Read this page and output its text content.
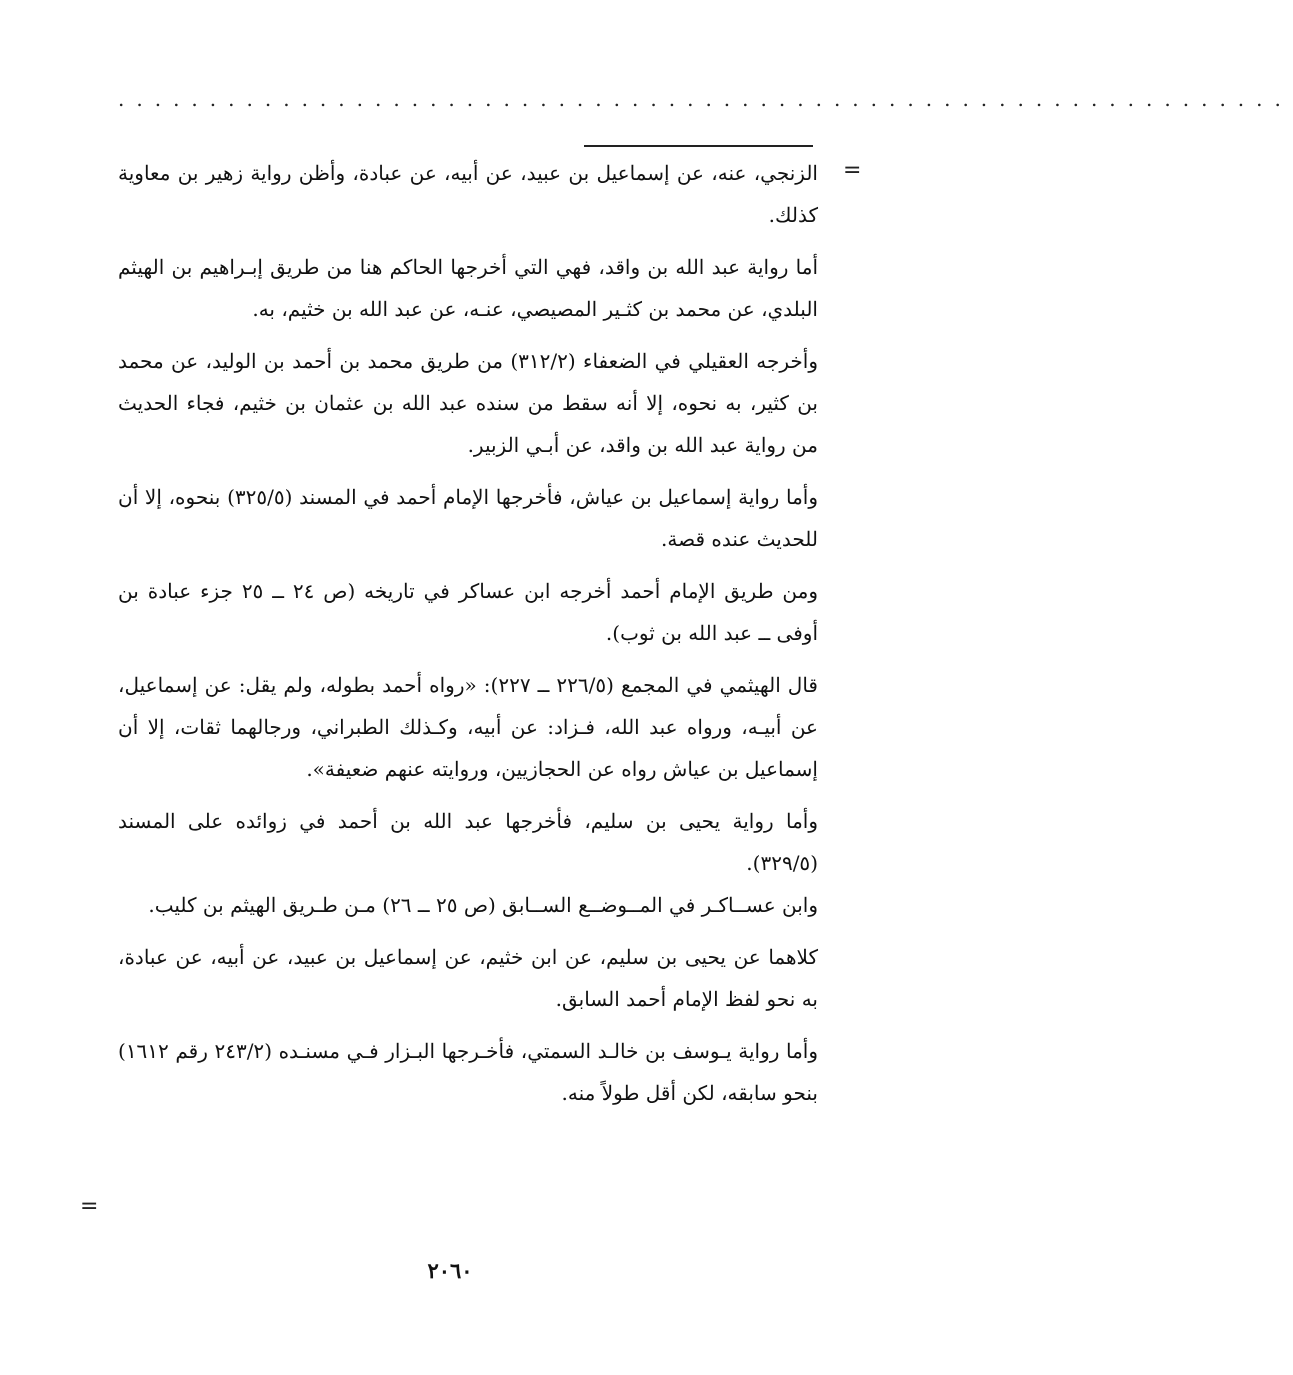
................................................................
=

الزنجي، عنه، عن إسماعيل بن عبيد، عن أبيه، عن عبادة، وأظن رواية زهير بن معاوية كذلك.

أما رواية عبد الله بن واقد، فهي التي أخرجها الحاكم هنا من طريق إبـراهيم بن الهيثم البلدي، عن محمد بن كثـير المصيصي، عنـه، عن عبد الله بن خثيم، به.

وأخرجه العقيلي في الضعفاء (٣١٢/٢) من طريق محمد بن أحمد بن الوليد، عن محمد بن كثير، به نحوه، إلا أنه سقط من سنده عبد الله بن عثمان بن خثيم، فجاء الحديث من رواية عبد الله بن واقد، عن أبـي الزبير.

وأما رواية إسماعيل بن عياش، فأخرجها الإمام أحمد في المسند (٣٢٥/٥) بنحوه، إلا أن للحديث عنده قصة.

ومن طريق الإمام أحمد أخرجه ابن عساكر في تاريخه (ص ٢٤ ــ ٢٥ جزء عبادة بن أوفى ــ عبد الله بن ثوب).

قال الهيثمي في المجمع (٢٢٦/٥ ــ ٢٢٧): «رواه أحمد بطوله، ولم يقل: عن إسماعيل، عن أبيـه، ورواه عبد الله، فـزاد: عن أبيه، وكـذلك الطبراني، ورجالهما ثقات، إلا أن إسماعيل بن عياش رواه عن الحجازيين، وروايته عنهم ضعيفة».

وأما رواية يحيى بن سليم، فأخرجها عبد الله بن أحمد في زوائده على المسند (٣٢٩/٥).

وابن عســاكـر في المــوضــع الســابق (ص ٢٥ ــ ٢٦) مـن طـريق الهيثم بن كليب.

كلاهما عن يحيى بن سليم، عن ابن خثيم، عن إسماعيل بن عبيد، عن أبيه، عن عبادة، به نحو لفظ الإمام أحمد السابق.

وأما رواية يـوسف بن خالـد السمتي، فأخـرجها البـزار فـي مسنـده (٢٤٣/٢ رقم ١٦١٢) بنحو سابقه، لكن أقل طولاً منه.

=
٢٠٦٠
